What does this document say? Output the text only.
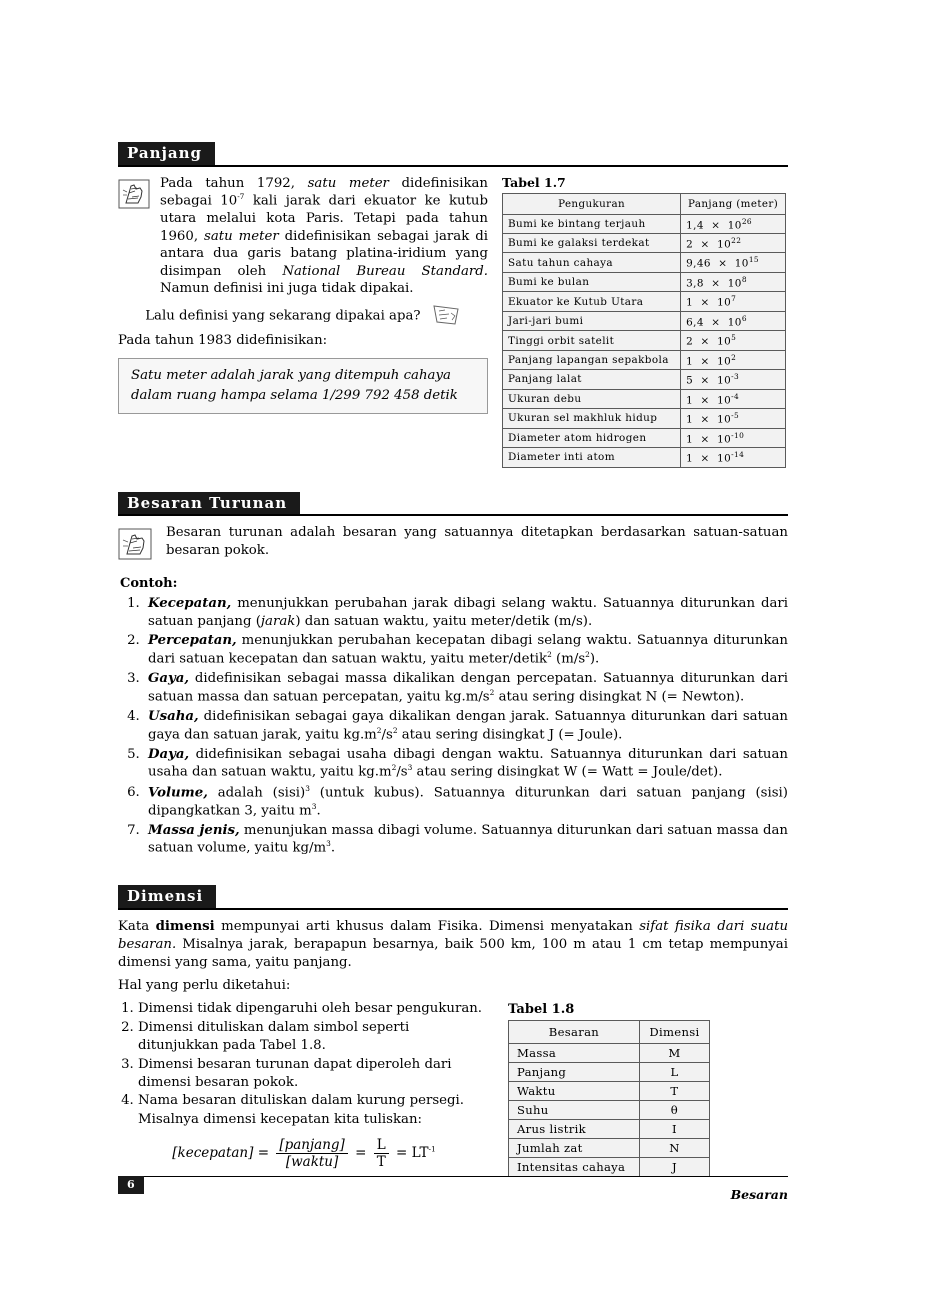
Panjang
Pada tahun 1792, satu meter didefinisikan sebagai $10^{-7}$ kali jarak dari ekuator ke kutub utara melalui kota Paris. Tetapi pada tahun 1960, satu meter didefinisikan sebagai jarak di antara dua garis batang platina-iridium yang disimpan oleh National Bureau Standard. Namun definisi ini juga tidak dipakai.
Lalu definisi yang sekarang dipakai apa?
Pada tahun 1983 didefinisikan:
Satu meter adalah jarak yang ditempuh cahaya dalam ruang hampa selama 1/299 792 458 detik
Tabel 1.7
Pengukuran	Panjang (meter)
Bumi ke bintang terjauh	$1,4 \times 10^{26}$
Bumi ke galaksi terdekat	$2 \times 10^{22}$
Satu tahun cahaya	$9,46 \times 10^{15}$
Bumi ke bulan	$3,8 \times 10^8$
Ekuator ke Kutub Utara	$1 \times 10^7$
Jari-jari bumi	$6,4 \times 10^6$
Tinggi orbit satelit	$2 \times 10^5$
Panjang lapangan sepakbola	$1 \times 10^2$
Panjang lalat	$5 \times 10^{-3}$
Ukuran debu	$1 \times 10^{-4}$
Ukuran sel makhluk hidup	$1 \times 10^{-5}$
Diameter atom hidrogen	$1 \times 10^{-10}$
Diameter inti atom	$1 \times 10^{-14}$
Besaran Turunan
Besaran turunan adalah besaran yang satuannya ditetapkan berdasarkan satuan-satuan besaran pokok.
Contoh:
1. Kecepatan, menunjukkan perubahan jarak dibagi selang waktu. Satuannya diturunkan dari satuan panjang (jarak) dan satuan waktu, yaitu meter/detik (m/s).
2. Percepatan, menunjukkan perubahan kecepatan dibagi selang waktu. Satuannya diturunkan dari satuan kecepatan dan satuan waktu, yaitu meter/detik$^2$ $(m/s^2)$.
3. Gaya, didefinisikan sebagai massa dikalikan dengan percepatan. Satuannya diturunkan dari satuan massa dan satuan percepatan, yaitu $kg.m/s^2$ atau sering disingkat N (= Newton).
4. Usaha, didefinisikan sebagai gaya dikalikan dengan jarak. Satuannya diturunkan dari satuan gaya dan satuan jarak, yaitu $kg.m^2/s^2$ atau sering disingkat J (= Joule).
5. Daya, didefinisikan sebagai usaha dibagi dengan waktu. Satuannya diturunkan dari satuan usaha dan satuan waktu, yaitu $kg.m^2/s^3$ atau sering disingkat W (= Watt = Joule/det).
6. Volume, adalah (sisi)$^3$ (untuk kubus). Satuannya diturunkan dari satuan panjang (sisi) dipangkatkan 3, yaitu $m^3$.
7. Massa jenis, menunjukan massa dibagi volume. Satuannya diturunkan dari satuan massa dan satuan volume, yaitu $kg/m^3$.
Dimensi
Kata dimensi mempunyai arti khusus dalam Fisika. Dimensi menyatakan sifat fisika dari suatu besaran. Misalnya jarak, berapapun besarnya, baik 500 km, 100 m atau 1 cm tetap mempunyai dimensi yang sama, yaitu panjang.
Hal yang perlu diketahui:
1. Dimensi tidak dipengaruhi oleh besar pengukuran.
2. Dimensi dituliskan dalam simbol seperti ditunjukkan pada Tabel 1.8.
3. Dimensi besaran turunan dapat diperoleh dari dimensi besaran pokok.
4. Nama besaran dituliskan dalam kurung persegi.
Misalnya dimensi kecepatan kita tuliskan:
[kecepatan] = $\frac{\text{[panjang]}}{\text{[waktu]}} = \frac{L}{T} = LT^{-1}$
Tabel 1.8
Besaran	Dimensi
Massa	M
Panjang	L
Waktu	T
Suhu	θ
Arus listrik	I
Jumlah zat	N
Intensitas cahaya	J
6
Besaran
